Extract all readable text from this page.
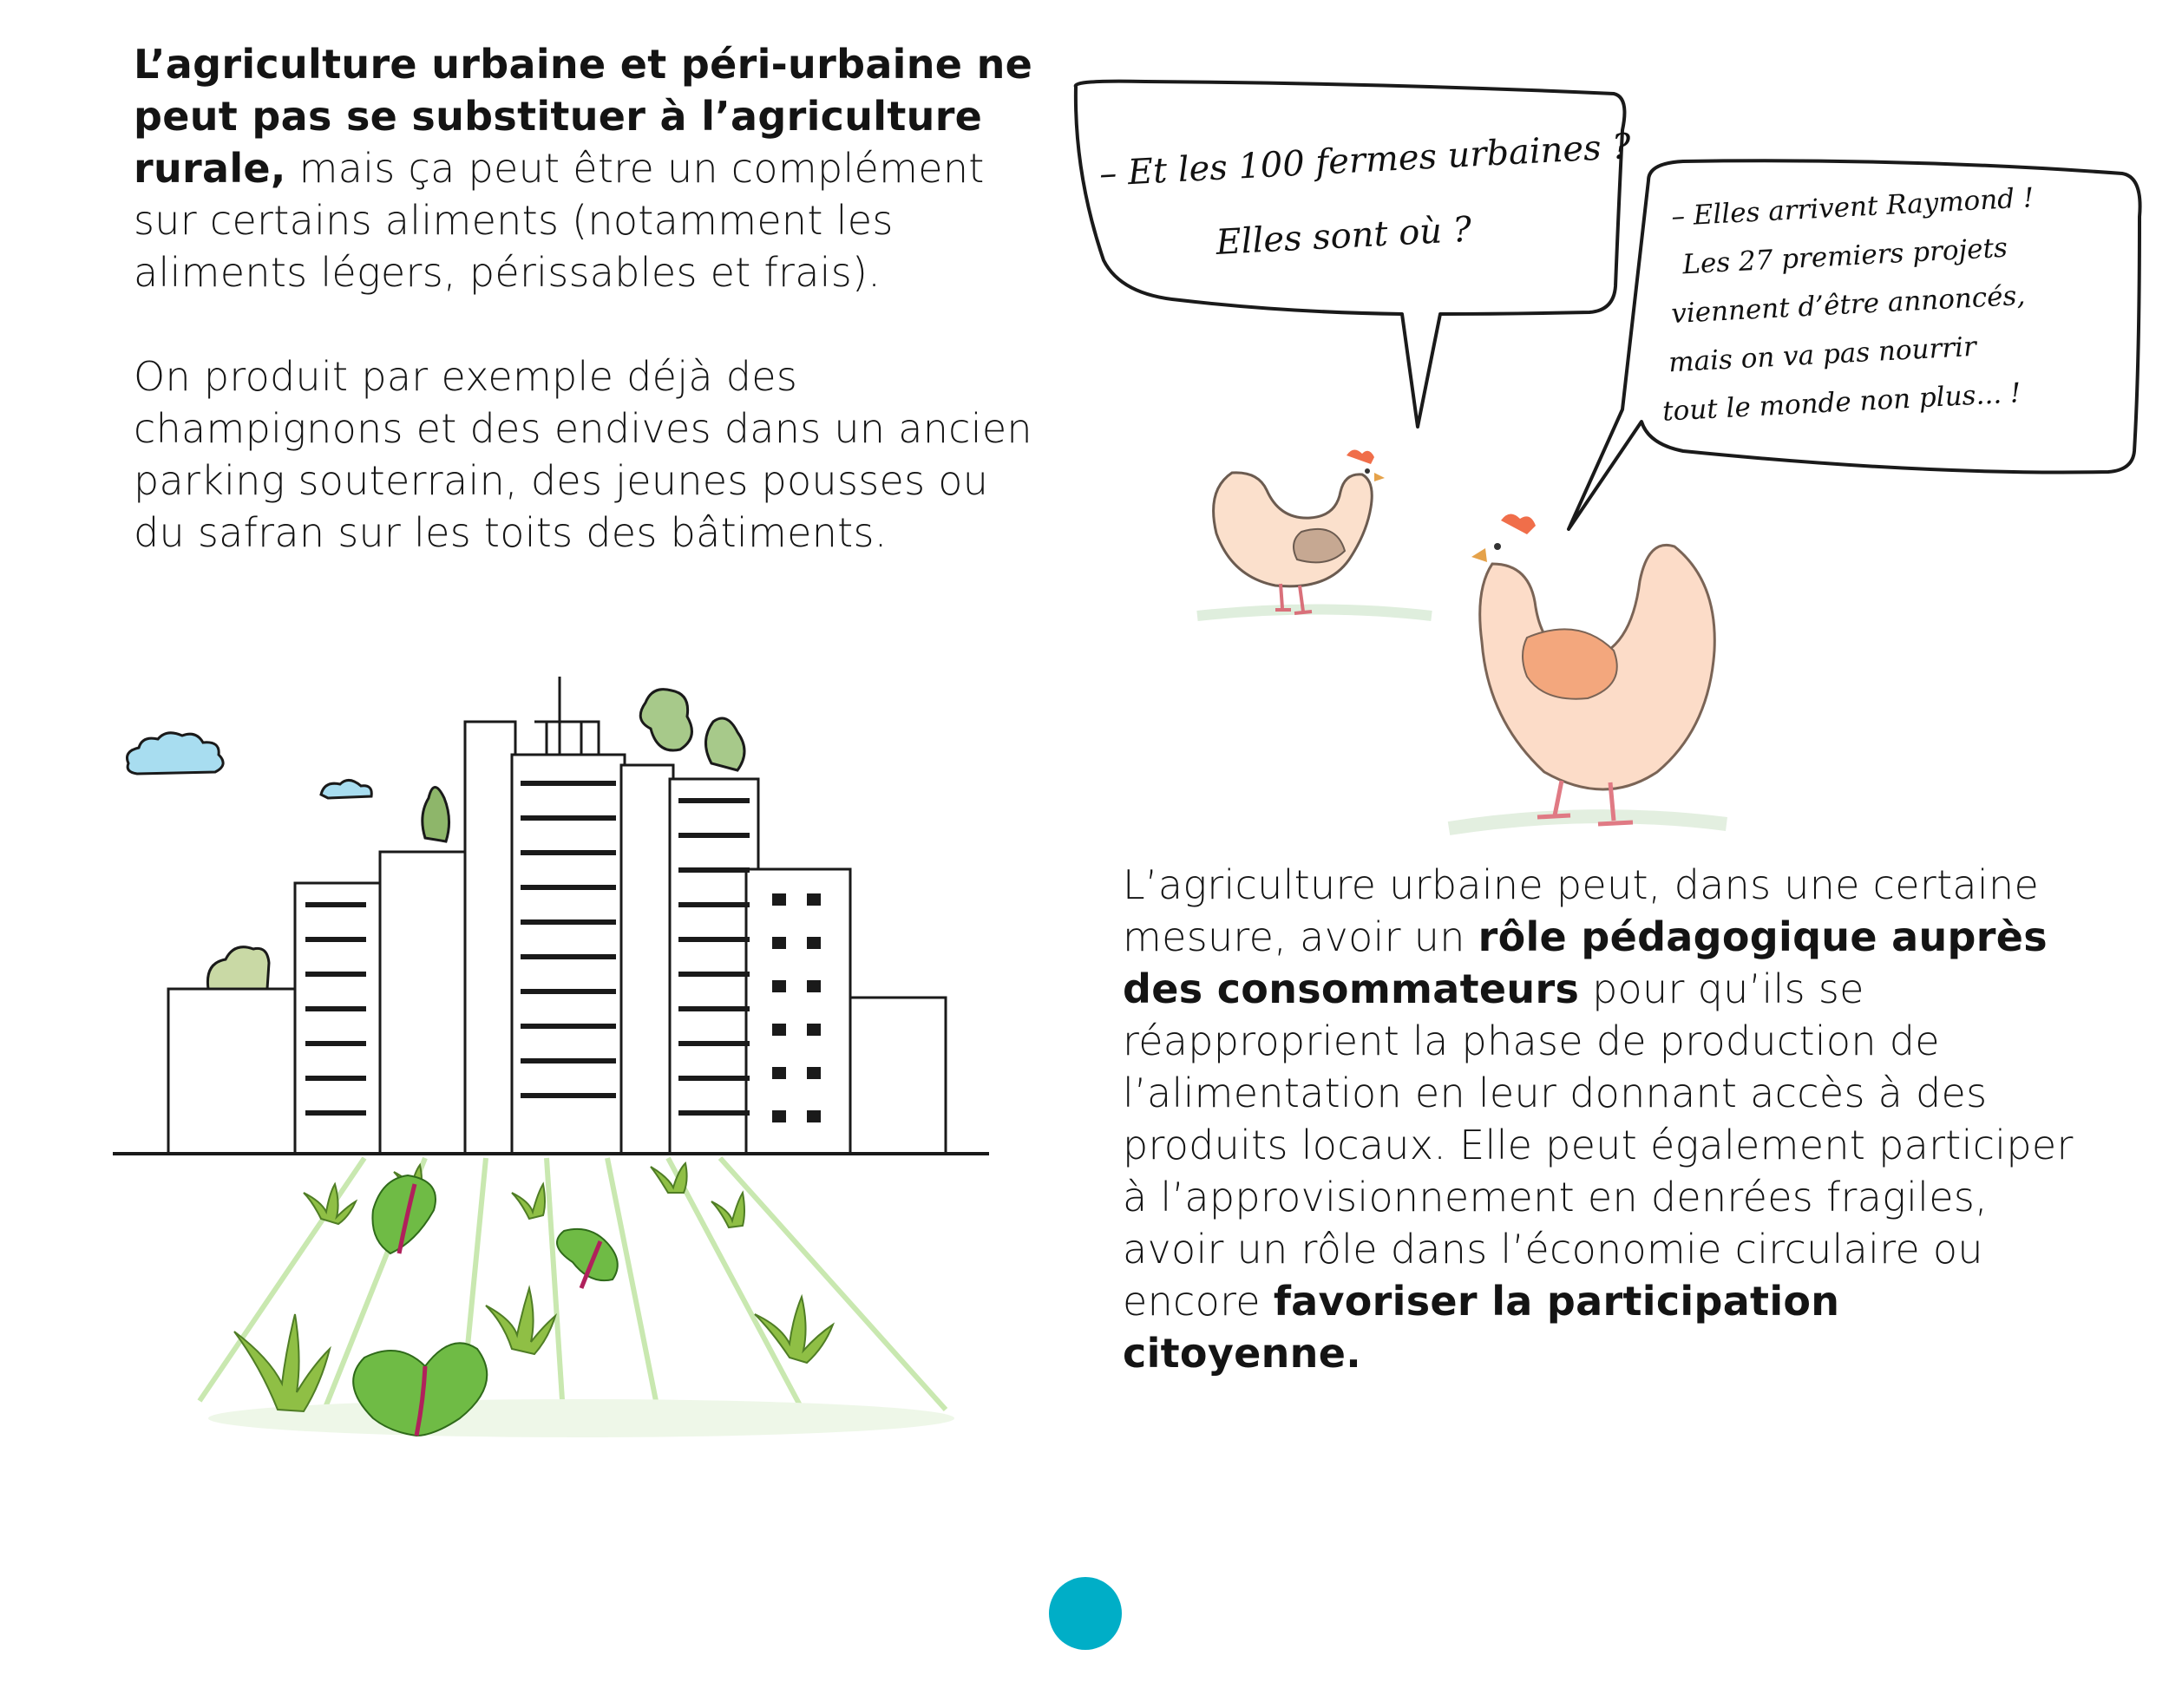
L’agriculture urbaine et péri-urbaine ne peut pas se substituer à l’agriculture rurale, mais ça peut être un complément sur certains aliments (notamment les aliments légers, périssables et frais).

On produit par exemple déjà des champignons et des endives dans un ancien parking souterrain, des jeunes pousses ou du safran sur les toits des bâtiments.

– Et les 100 fermes urbaines ?
Elles sont où ?
– Elles arrivent Raymond !
Les 27 premiers projets
viennent d’être annoncés,
mais on va pas nourrir
tout le monde non plus... !

L’agriculture urbaine peut, dans une certaine mesure, avoir un rôle pédagogique auprès des consommateurs pour qu’ils se réapproprient la phase de production de l’alimentation en leur donnant accès à des produits locaux. Elle peut également participer à l’approvisionnement en denrées fragiles, avoir un rôle dans l’économie circulaire ou encore favoriser la participation citoyenne.
